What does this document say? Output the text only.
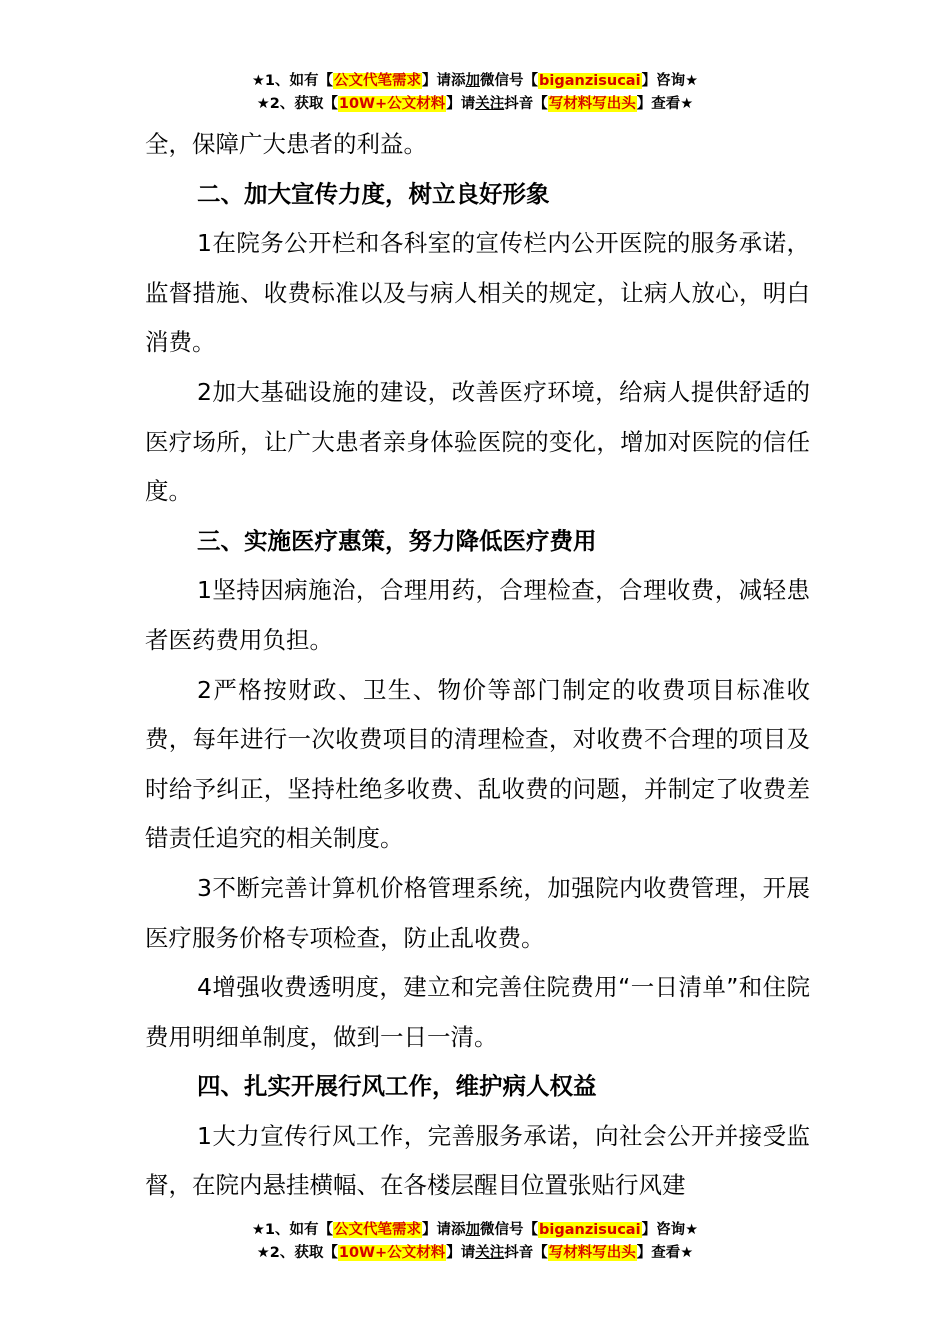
★1、如有【公文代笔需求】请添加微信号【biganzisucai】咨询★
★2、获取【10W+公文材料】请关注抖音【写材料写出头】查看★

全，保障广大患者的利益。

二、加大宣传力度，树立良好形象

1在院务公开栏和各科室的宣传栏内公开医院的服务承诺，监督措施、收费标准以及与病人相关的规定，让病人放心，明白消费。

2加大基础设施的建设，改善医疗环境，给病人提供舒适的医疗场所，让广大患者亲身体验医院的变化，增加对医院的信任度。

三、实施医疗惠策，努力降低医疗费用

1坚持因病施治，合理用药，合理检查，合理收费，减轻患者医药费用负担。

2严格按财政、卫生、物价等部门制定的收费项目标准收费，每年进行一次收费项目的清理检查，对收费不合理的项目及时给予纠正，坚持杜绝多收费、乱收费的问题，并制定了收费差错责任追究的相关制度。

3不断完善计算机价格管理系统，加强院内收费管理，开展医疗服务价格专项检查，防止乱收费。

4增强收费透明度，建立和完善住院费用“一日清单”和住院费用明细单制度，做到一日一清。

四、扎实开展行风工作，维护病人权益

1大力宣传行风工作，完善服务承诺，向社会公开并接受监督，在院内悬挂横幅、在各楼层醒目位置张贴行风建

★1、如有【公文代笔需求】请添加微信号【biganzisucai】咨询★
★2、获取【10W+公文材料】请关注抖音【写材料写出头】查看★
